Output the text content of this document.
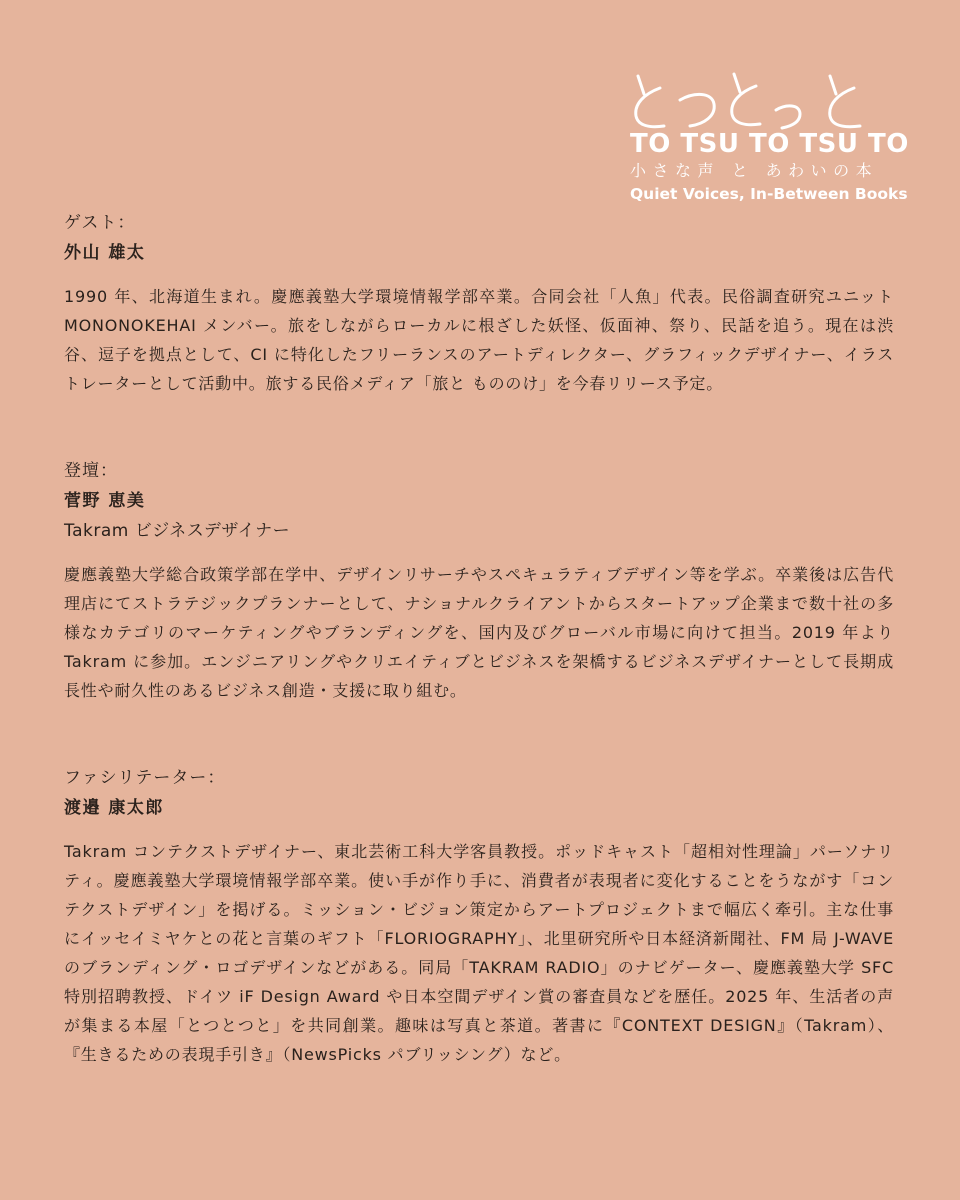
TO TSU TO TSU TO
小さな声 と あわいの本
Quiet Voices, In-Between Books

ゲスト：

外山 雄太

1990 年、北海道生まれ。慶應義塾大学環境情報学部卒業。合同会社「人魚」代表。民俗調査研究ユニット MONONOKEHAI メンバー。旅をしながらローカルに根ざした妖怪、仮面神、祭り、民話を追う。現在は渋谷、逗子を拠点として、CI に特化したフリーランスのアートディレクター、グラフィックデザイナー、イラストレーターとして活動中。旅する民俗メディア「旅と もののけ」を今春リリース予定。

登壇：

菅野 恵美

Takram ビジネスデザイナー

慶應義塾大学総合政策学部在学中、デザインリサーチやスペキュラティブデザイン等を学ぶ。卒業後は広告代理店にてストラテジックプランナーとして、ナショナルクライアントからスタートアップ企業まで数十社の多様なカテゴリのマーケティングやブランディングを、国内及びグローバル市場に向けて担当。2019 年より Takram に参加。エンジニアリングやクリエイティブとビジネスを架橋するビジネスデザイナーとして長期成長性や耐久性のあるビジネス創造・支援に取り組む。

ファシリテーター：

渡邉 康太郎

Takram コンテクストデザイナー、東北芸術工科大学客員教授。ポッドキャスト「超相対性理論」パーソナリティ。慶應義塾大学環境情報学部卒業。使い手が作り手に、消費者が表現者に変化することをうながす「コンテクストデザイン」を掲げる。ミッション・ビジョン策定からアートプロジェクトまで幅広く牽引。主な仕事にイッセイミヤケとの花と言葉のギフト「FLORIOGRAPHY」、北里研究所や日本経済新聞社、FM 局 J-WAVE のブランディング・ロゴデザインなどがある。同局「TAKRAM RADIO」のナビゲーター、慶應義塾大学 SFC 特別招聘教授、ドイツ iF Design Award や日本空間デザイン賞の審査員などを歴任。2025 年、生活者の声が集まる本屋「とつとつと」を共同創業。趣味は写真と茶道。著書に『CONTEXT DESIGN』（Takram）、『生きるための表現手引き』（NewsPicks パブリッシング）など。
